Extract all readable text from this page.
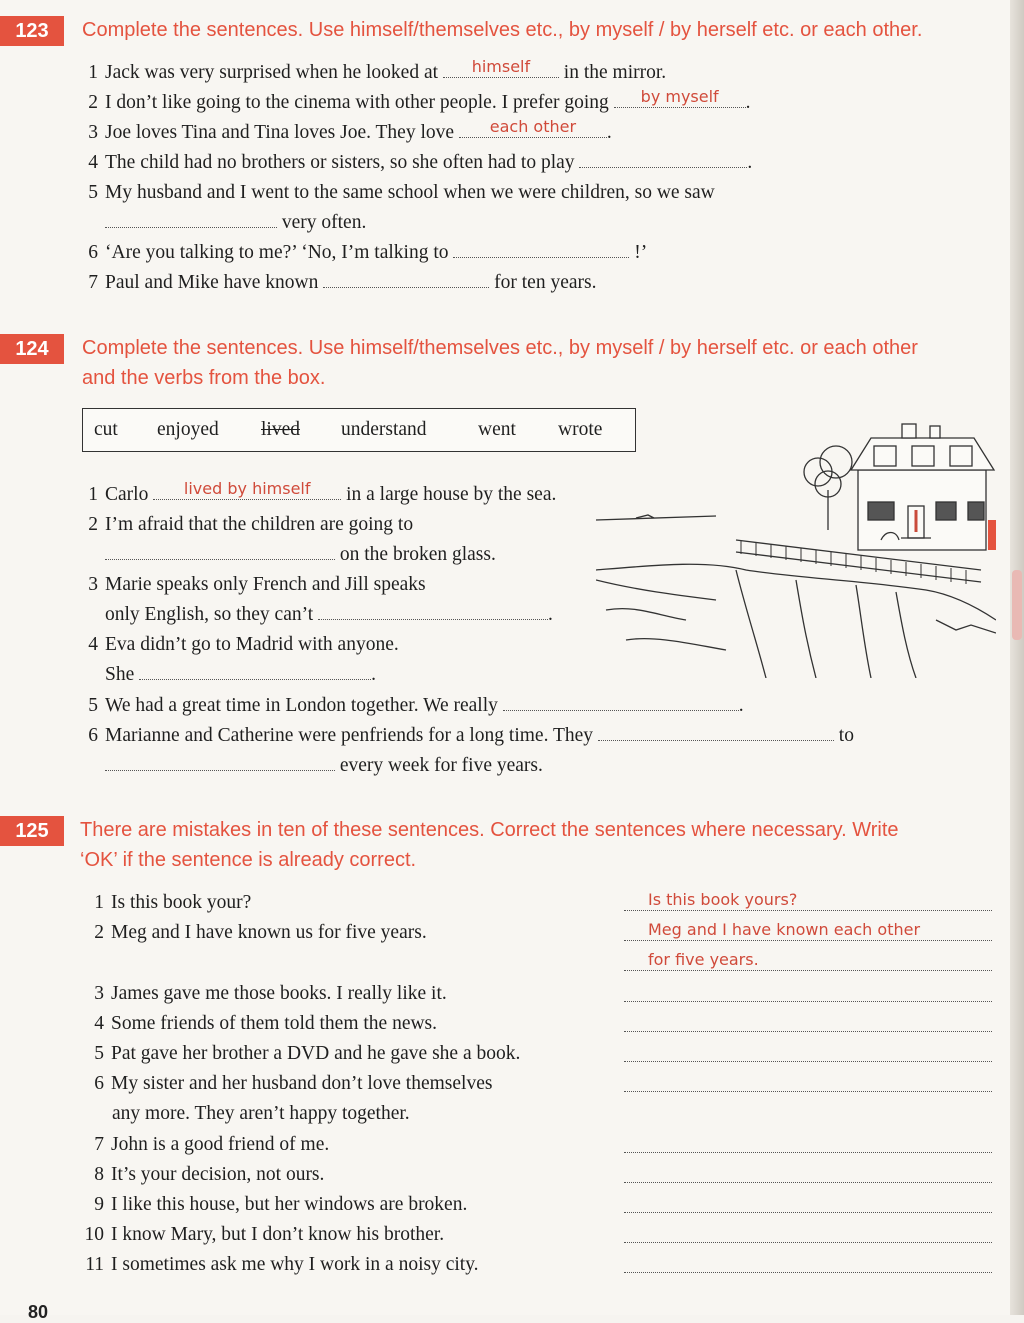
123	Complete the sentences. Use himself/themselves etc., by myself / by herself etc. or each other.
1 Jack was very surprised when he looked at	himself	in the mirror.
2 I don’t like going to the cinema with other people. I prefer going	by myself	.
3 Joe loves Tina and Tina loves Joe. They love	each other	.
4 The child had no brothers or sisters, so she often had to play	.
5 My husband and I went to the same school when we were children, so we saw
very often.
6 ‘Are you talking to me?’ ‘No, I’m talking to	!’
7 Paul and Mike have known	for ten years.
124	Complete the sentences. Use himself/themselves etc., by myself / by herself etc. or each other
and the verbs from the box.
cut enjoyed lived understand	went wrote
1 Carlo	lived by himself	in a large house by the sea.
2 I’m afraid that the children are going to
on the broken glass.
3 Marie speaks only French and Jill speaks
only English, so they can’t	.
4 Eva didn’t go to Madrid with anyone.
She	.
5 We had a great time in London together. We really	.
6 Marianne and Catherine were penfriends for a long time. They	to
every week for five years.
125	There are mistakes in ten of these sentences. Correct the sentences where necessary. Write
‘OK’ if the sentence is already correct.
1 Is this book your?	Is this book yours?
2 Meg and I have known us for five years.	Meg and I have known each other
for five years.
3 James gave me those books. I really like it.
4 Some friends of them told them the news.
5 Pat gave her brother a DVD and he gave she a book.
6 My sister and her husband don’t love themselves
any more. They aren’t happy together.
7 John is a good friend of me.
8 It’s your decision, not ours.
9 I like this house, but her windows are broken.
10 I know Mary, but I don’t know his brother.
11 I sometimes ask me why I work in a noisy city.
80
